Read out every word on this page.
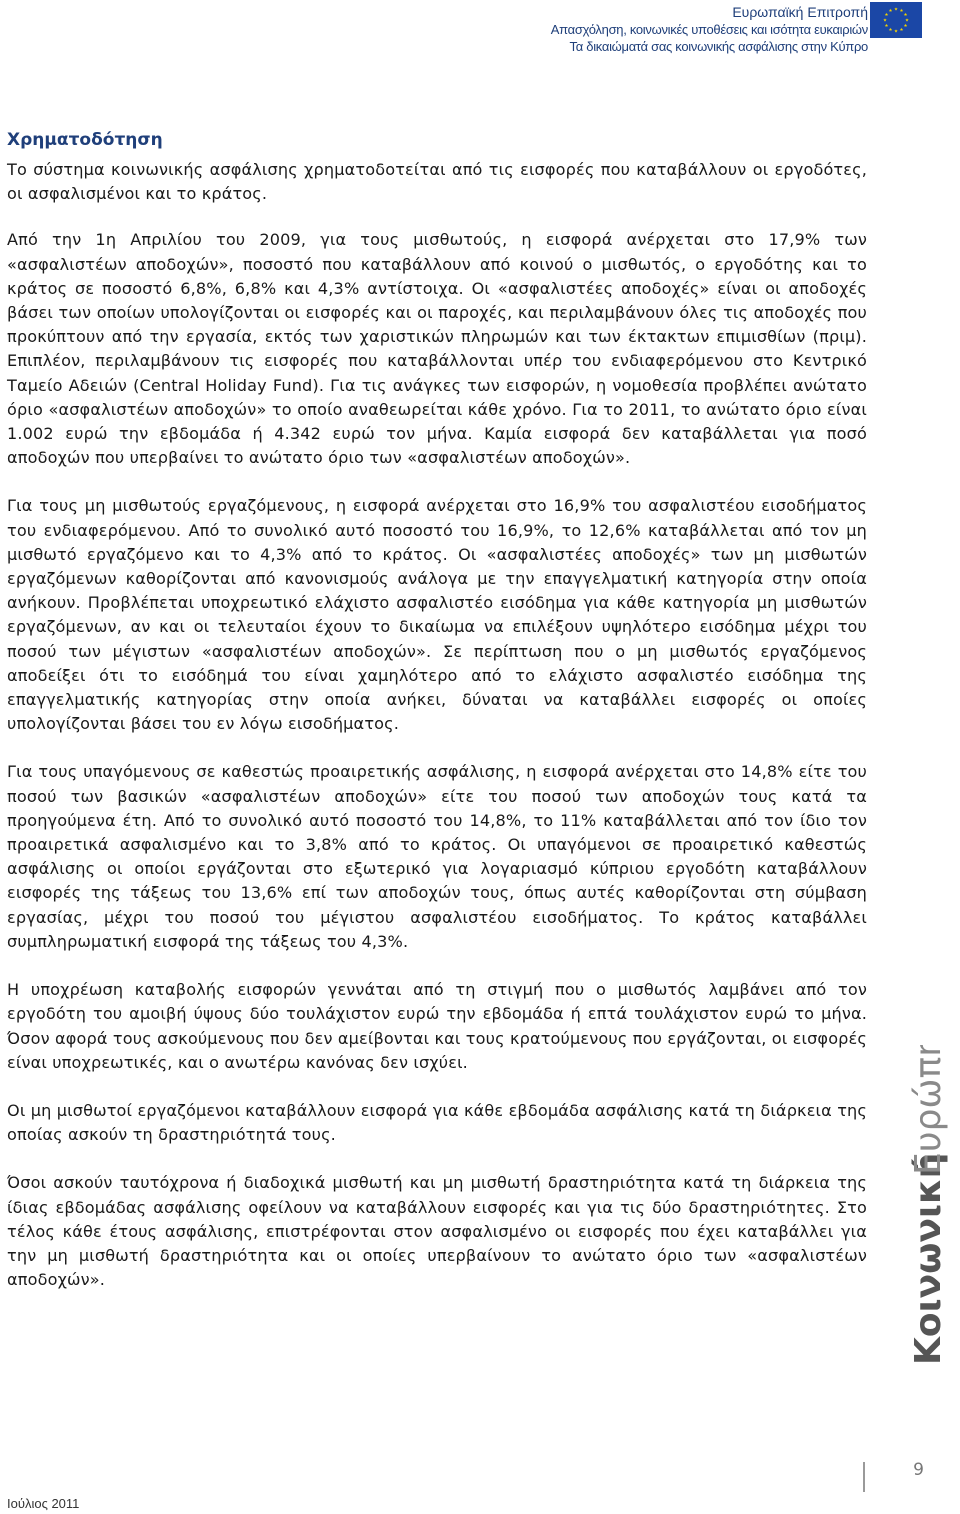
Ευρωπαϊκή Επιτροπή
Απασχόληση, κοινωνικές υποθέσεις και ισότητα ευκαιριών
Τα δικαιώματά σας κοινωνικής ασφάλισης στην Κύπρο
Χρηματοδότηση

Το σύστημα κοινωνικής ασφάλισης χρηματοδοτείται από τις εισφορές που καταβάλλουν οι εργοδότες, οι ασφαλισμένοι και το κράτος.

Από την 1η Απριλίου του 2009, για τους μισθωτούς, η εισφορά ανέρχεται στο 17,9% των «ασφαλιστέων αποδοχών», ποσοστό που καταβάλλουν από κοινού ο μισθωτός, ο εργοδότης και το κράτος σε ποσοστό 6,8%, 6,8% και 4,3% αντίστοιχα. Οι «ασφαλιστέες αποδοχές» είναι οι αποδοχές βάσει των οποίων υπολογίζονται οι εισφορές και οι παροχές, και περιλαμβάνουν όλες τις αποδοχές που προκύπτουν από την εργασία, εκτός των χαριστικών πληρωμών και των έκτακτων επιμισθίων (πριμ). Επιπλέον, περιλαμβάνουν τις εισφορές που καταβάλλονται υπέρ του ενδιαφερόμενου στο Κεντρικό Ταμείο Αδειών (Central Holiday Fund). Για τις ανάγκες των εισφορών, η νομοθεσία προβλέπει ανώτατο όριο «ασφαλιστέων αποδοχών» το οποίο αναθεωρείται κάθε χρόνο. Για το 2011, το ανώτατο όριο είναι 1.002 ευρώ την εβδομάδα ή 4.342 ευρώ τον μήνα. Καμία εισφορά δεν καταβάλλεται για ποσό αποδοχών που υπερβαίνει το ανώτατο όριο των «ασφαλιστέων αποδοχών».

Για τους μη μισθωτούς εργαζόμενους, η εισφορά ανέρχεται στο 16,9% του ασφαλιστέου εισοδήματος του ενδιαφερόμενου. Από το συνολικό αυτό ποσοστό του 16,9%, το 12,6% καταβάλλεται από τον μη μισθωτό εργαζόμενο και το 4,3% από το κράτος. Οι «ασφαλιστέες αποδοχές» των μη μισθωτών εργαζόμενων καθορίζονται από κανονισμούς ανάλογα με την επαγγελματική κατηγορία στην οποία ανήκουν. Προβλέπεται υποχρεωτικό ελάχιστο ασφαλιστέο εισόδημα για κάθε κατηγορία μη μισθωτών εργαζόμενων, αν και οι τελευταίοι έχουν το δικαίωμα να επιλέξουν υψηλότερο εισόδημα μέχρι του ποσού των μέγιστων «ασφαλιστέων αποδοχών». Σε περίπτωση που ο μη μισθωτός εργαζόμενος αποδείξει ότι το εισόδημά του είναι χαμηλότερο από το ελάχιστο ασφαλιστέο εισόδημα της επαγγελματικής κατηγορίας στην οποία ανήκει, δύναται να καταβάλλει εισφορές οι οποίες υπολογίζονται βάσει του εν λόγω εισοδήματος.

Για τους υπαγόμενους σε καθεστώς προαιρετικής ασφάλισης, η εισφορά ανέρχεται στο 14,8% είτε του ποσού των βασικών «ασφαλιστέων αποδοχών» είτε του ποσού των αποδοχών τους κατά τα προηγούμενα έτη. Από το συνολικό αυτό ποσοστό του 14,8%, το 11% καταβάλλεται από τον ίδιο τον προαιρετικά ασφαλισμένο και το 3,8% από το κράτος. Οι υπαγόμενοι σε προαιρετικό καθεστώς ασφάλισης οι οποίοι εργάζονται στο εξωτερικό για λογαριασμό κύπριου εργοδότη καταβάλλουν εισφορές της τάξεως του 13,6% επί των αποδοχών τους, όπως αυτές καθορίζονται στη σύμβαση εργασίας, μέχρι του ποσού του μέγιστου ασφαλιστέου εισοδήματος. Το κράτος καταβάλλει συμπληρωματική εισφορά της τάξεως του 4,3%.

Η υποχρέωση καταβολής εισφορών γεννάται από τη στιγμή που ο μισθωτός λαμβάνει από τον εργοδότη του αμοιβή ύψους δύο τουλάχιστον ευρώ την εβδομάδα ή επτά τουλάχιστον ευρώ το μήνα. Όσον αφορά τους ασκούμενους που δεν αμείβονται και τους κρατούμενους που εργάζονται, οι εισφορές είναι υποχρεωτικές, και ο ανωτέρω κανόνας δεν ισχύει.

Οι μη μισθωτοί εργαζόμενοι καταβάλλουν εισφορά για κάθε εβδομάδα ασφάλισης κατά τη διάρκεια της οποίας ασκούν τη δραστηριότητά τους.

Όσοι ασκούν ταυτόχρονα ή διαδοχικά μισθωτή και μη μισθωτή δραστηριότητα κατά τη διάρκεια της ίδιας εβδομάδας ασφάλισης οφείλουν να καταβάλλουν εισφορές και για τις δύο δραστηριότητες. Στο τέλος κάθε έτους ασφάλισης, επιστρέφονται στον ασφαλισμένο οι εισφορές που έχει καταβάλλει για την μη μισθωτή δραστηριότητα και οι οποίες υπερβαίνουν το ανώτατο όριο των «ασφαλιστέων αποδοχών».	Κοινωνική
Ευρώπη
9
Ιούλιος 2011
